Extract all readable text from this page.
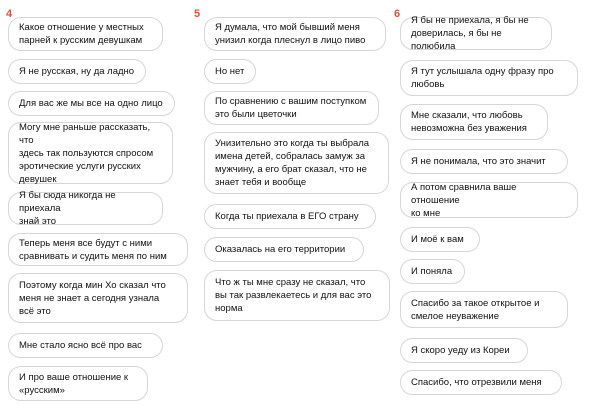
4
Какое отношение у местных
парней к русским девушкам
Я не русская, ну да ладно
Для вас же мы все на одно лицо
Могу мне раньше рассказать, что
здесь так пользуются спросом
эротические услуги русских
девушек
Я бы сюда никогда не приехала
знай это
Теперь меня все будут с ними
сравнивать и судить меня по ним
Поэтому когда мин Хо сказал что
меня не знает а сегодня узнала
всё это
Мне стало ясно всё про вас
И про ваше отношение к
«русским»
5
Я думала, что мой бывший меня
унизил когда плеснул в лицо пиво
Но нет
По сравнению с вашим поступком
это были цветочки
Унизительно это когда ты выбрала
имена детей, собралась замуж за
мужчину, а его брат сказал, что не
знает тебя и вообще
Когда ты приехала в ЕГО страну
Оказалась на его территории
Что ж ты мне сразу не сказал, что
вы так развлекаетесь и для вас это
норма
6
Я бы не приехала, я бы не
доверилась, я бы не полюбила
Я тут услышала одну фразу про
любовь
Мне сказали, что любовь
невозможна без уважения
Я не понимала, что это значит
А потом сравнила ваше отношение
ко мне
И моё к вам
И поняла
Спасибо за такое открытое и
смелое неуважение
Я скоро уеду из Кореи
Спасибо, что отрезвили меня
